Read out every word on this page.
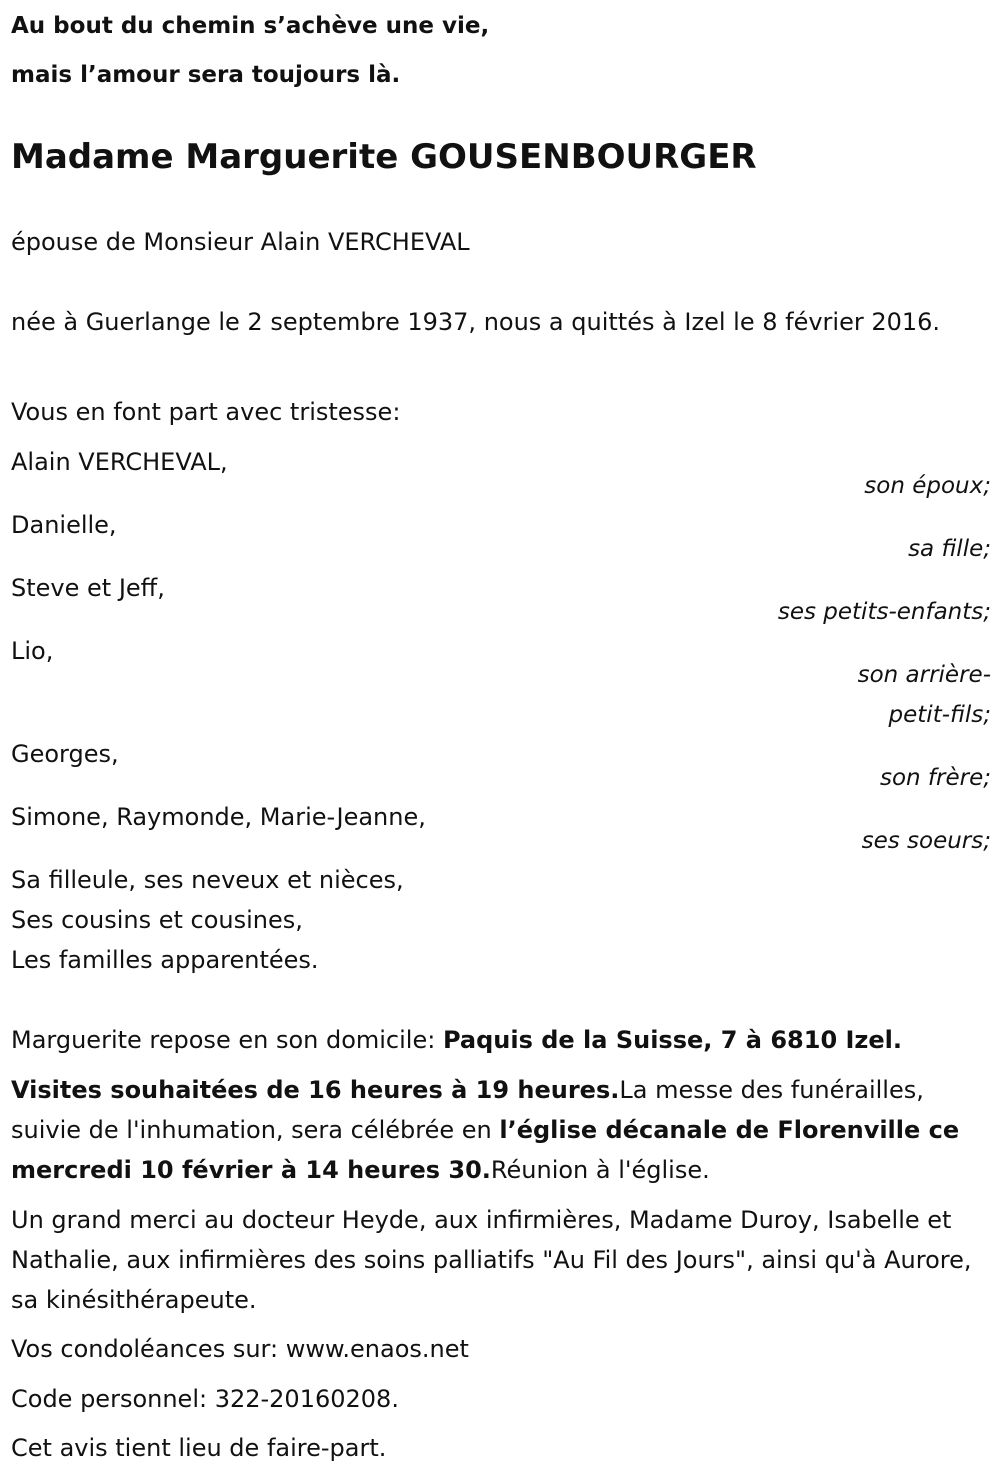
Au bout du chemin s’achève une vie,

mais l’amour sera toujours là.

Madame Marguerite GOUSENBOURGER

épouse de Monsieur Alain VERCHEVAL

née à Guerlange le 2 septembre 1937, nous a quittés à Izel le 8 février 2016.

Vous en font part avec tristesse:

Alain VERCHEVAL,

son époux;

Danielle,

sa fille;

Steve et Jeff,

ses petits-enfants;

Lio,

son arrière-petit-fils;

Georges,

son frère;

Simone, Raymonde, Marie-Jeanne,

ses soeurs;

Sa filleule, ses neveux et nièces,

Ses cousins et cousines,

Les familles apparentées.

Marguerite repose en son domicile: Paquis de la Suisse, 7 à 6810 Izel.

Visites souhaitées de 16 heures à 19 heures.La messe des funérailles, suivie de l'inhumation, sera célébrée en l’église décanale de Florenville ce mercredi 10 février à 14 heures 30.Réunion à l'église.

Un grand merci au docteur Heyde, aux infirmières, Madame Duroy, Isabelle et Nathalie, aux infirmières des soins palliatifs "Au Fil des Jours", ainsi qu'à Aurore, sa kinésithérapeute.

Vos condoléances sur: www.enaos.net

Code personnel: 322-20160208.

Cet avis tient lieu de faire-part.
